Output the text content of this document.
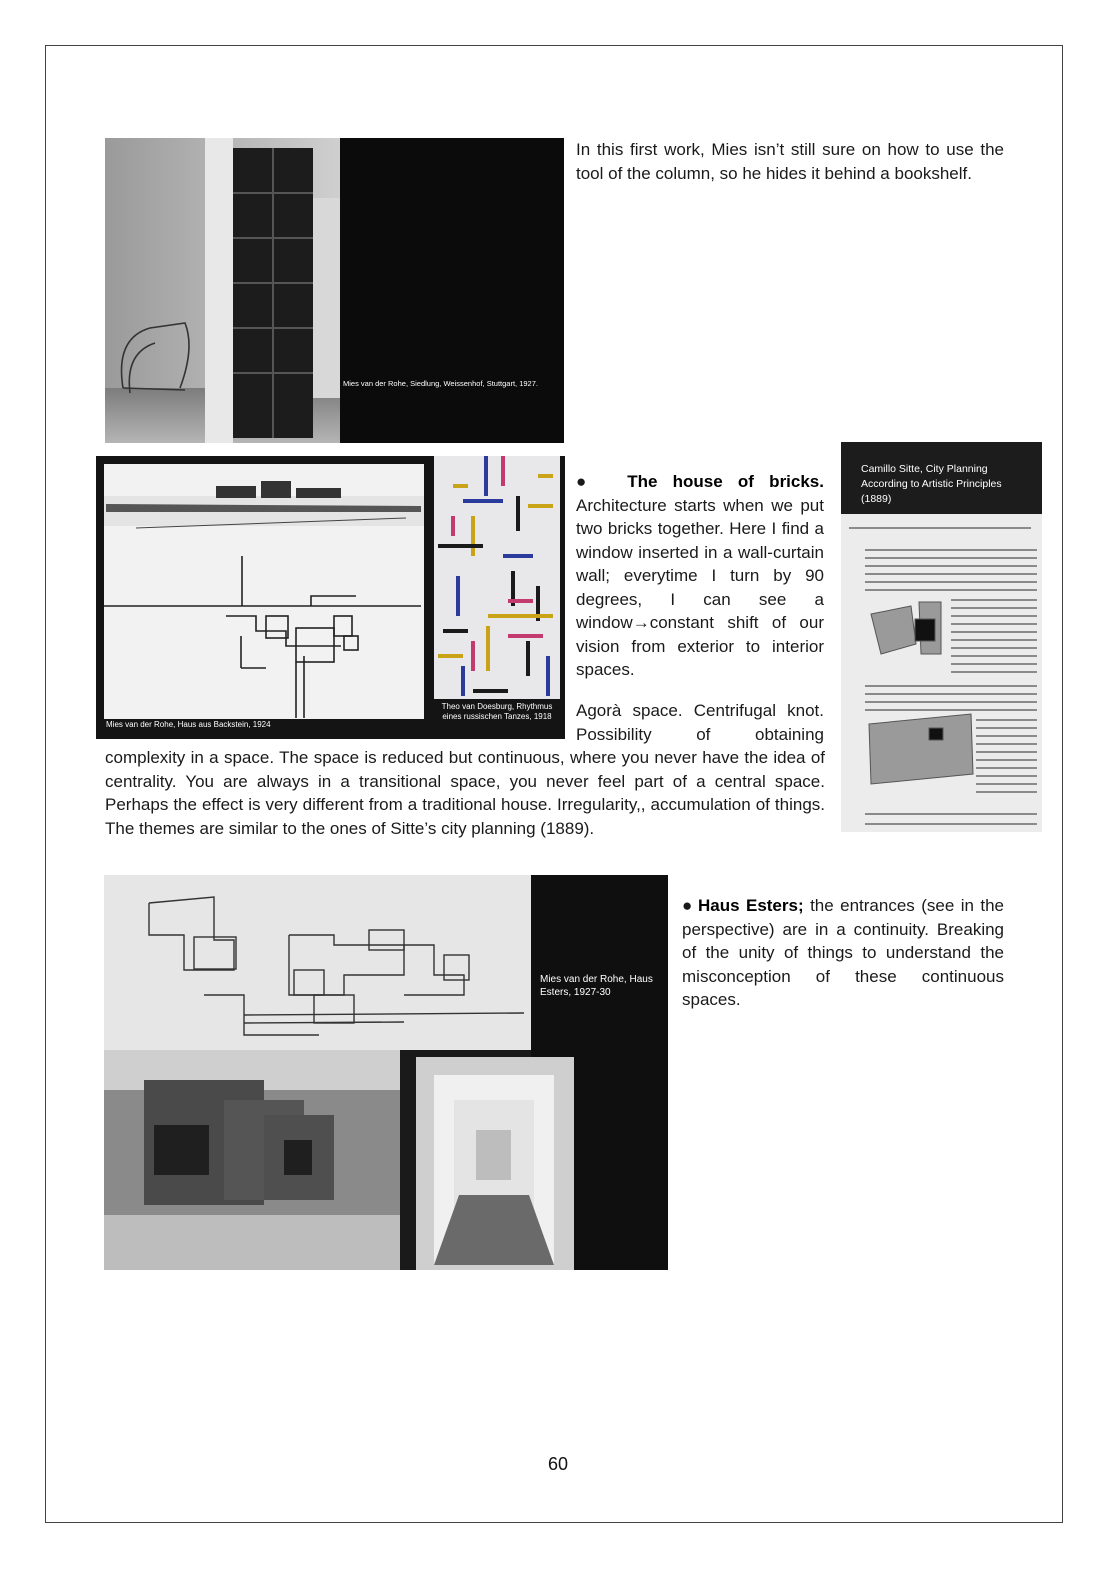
Mies van der Rohe, Siedlung, Weissenhof, Stuttgart, 1927.
In this first work, Mies isn’t still sure on how to use the tool of the column, so he hides it behind a bookshelf.
Mies van der Rohe, Haus aus Backstein, 1924
Theo van Doesburg, Rhythmus eines russischen Tanzes, 1918
Camillo Sitte, City Planning According to Artistic Principles (1889)
● The house of bricks. Architecture starts when we put two bricks together. Here I find a window inserted in a wall-curtain wall; everytime I turn by 90 degrees, I can see a window→constant shift of our vision from exterior to interior spaces.
Agorà space. Centrifugal knot. Possibility of obtaining
complexity in a space. The space is reduced but continuous, where you never have the idea of centrality. You are always in a transitional space, you never feel part of a central space. Perhaps the effect is very different from a traditional house. Irregularity,, accumulation of things. The themes are similar to the ones of Sitte’s city planning (1889).
Mies van der Rohe, Haus Esters, 1927-30
● Haus Esters; the entrances (see in the perspective) are in a continuity. Breaking of the unity of things to understand the misconception of these continuous spaces.
60
